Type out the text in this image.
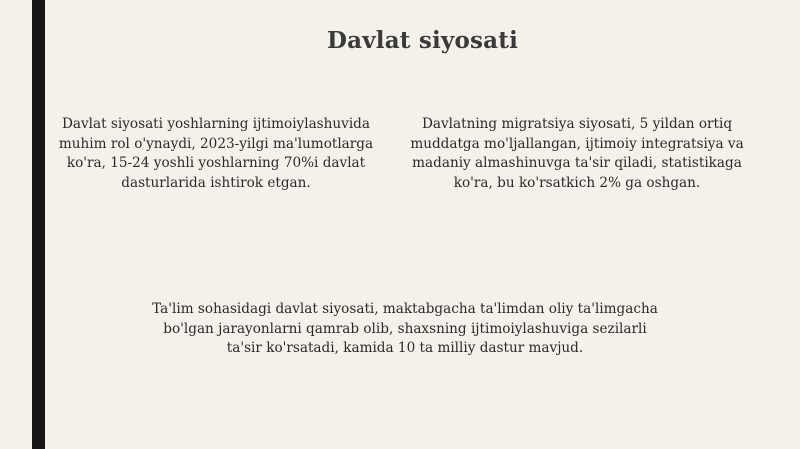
Davlat siyosati
Davlat siyosati yoshlarning ijtimoiylashuvida muhim rol o'ynaydi, 2023-yilgi ma'lumotlarga ko'ra, 15-24 yoshli yoshlarning 70%i davlat dasturlarida ishtirok etgan.
Davlatning migratsiya siyosati, 5 yildan ortiq muddatga mo'ljallangan, ijtimoiy integratsiya va madaniy almashinuvga ta'sir qiladi, statistikaga ko'ra, bu ko'rsatkich 2% ga oshgan.
Ta'lim sohasidagi davlat siyosati, maktabgacha ta'limdan oliy ta'limgacha bo'lgan jarayonlarni qamrab olib, shaxsning ijtimoiylashuviga sezilarli ta'sir ko'rsatadi, kamida 10 ta milliy dastur mavjud.
